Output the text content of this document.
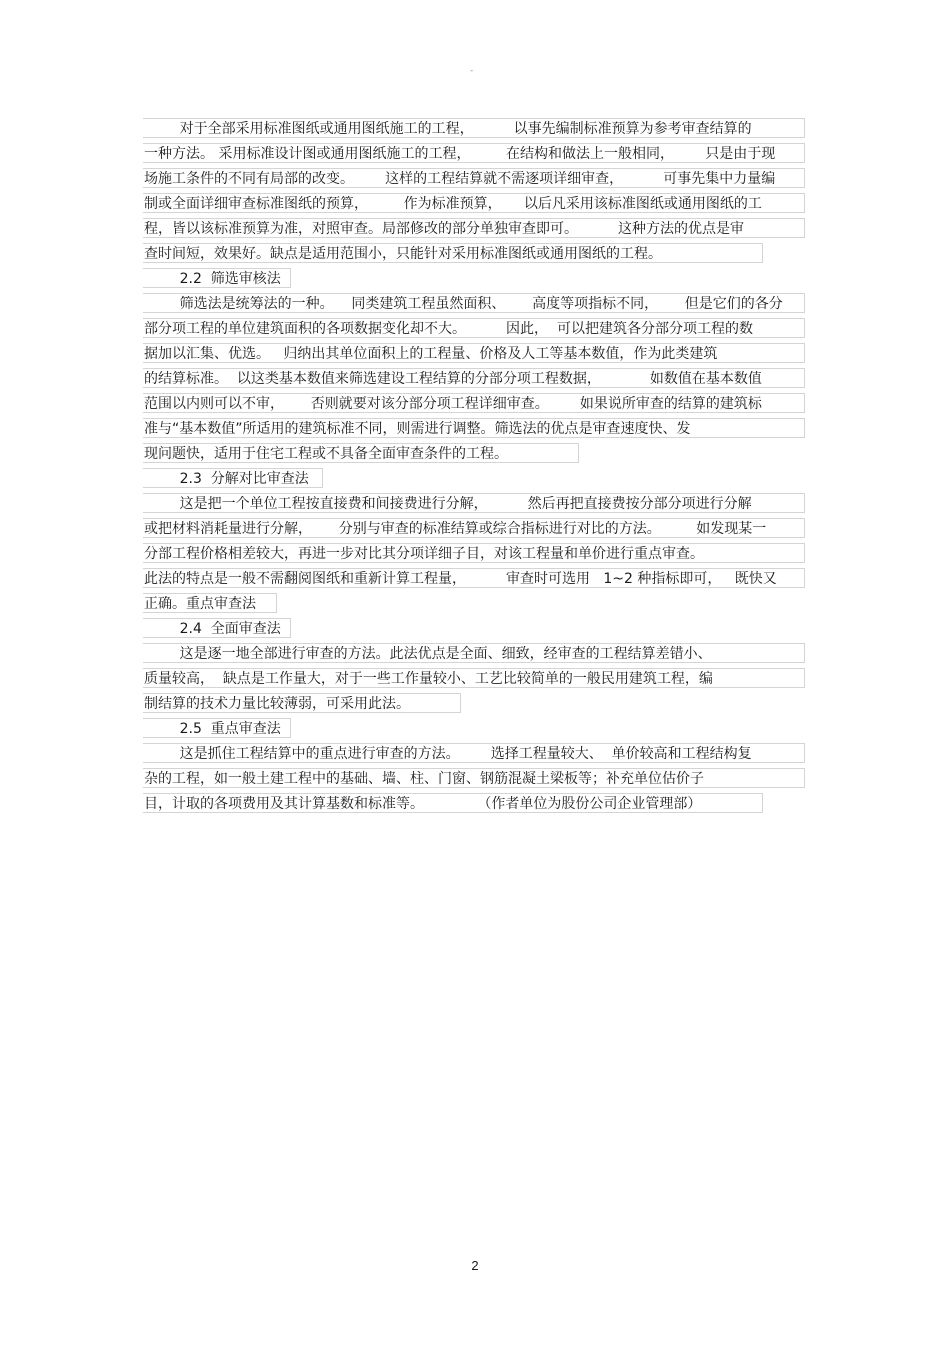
-
对于全部采用标准图纸或通用图纸施工的工程，         以事先编制标准预算为参考审查结算的
一种方法。 采用标准设计图或通用图纸施工的工程，        在结构和做法上一般相同，       只是由于现
场施工条件的不同有局部的改变。       这样的工程结算就不需逐项详细审查，         可事先集中力量编
制或全面详细审查标准图纸的预算，        作为标准预算，     以后凡采用该标准图纸或通用图纸的工
程，皆以该标准预算为准，对照审查。局部修改的部分单独审查即可。         这种方法的优点是审
查时间短，效果好。缺点是适用范围小，只能针对采用标准图纸或通用图纸的工程。
2.2  筛选审核法
筛选法是统筹法的一种。    同类建筑工程虽然面积、      高度等项指标不同，      但是它们的各分
部分项工程的单位建筑面积的各项数据变化却不大。         因此，  可以把建筑各分部分项工程的数
据加以汇集、优选。   归纳出其单位面积上的工程量、价格及人工等基本数值，作为此类建筑
的结算标准。  以这类基本数值来筛选建设工程结算的分部分项工程数据，           如数值在基本数值
范围以内则可以不审，      否则就要对该分部分项工程详细审查。       如果说所审查的结算的建筑标
准与“基本数值”所适用的建筑标准不同，则需进行调整。筛选法的优点是审查速度快、发
现问题快，适用于住宅工程或不具备全面审查条件的工程。
2.3  分解对比审查法
这是把一个单位工程按直接费和间接费进行分解，         然后再把直接费按分部分项进行分解
或把材料消耗量进行分解，      分别与审查的标准结算或综合指标进行对比的方法。        如发现某一
分部工程价格相差较大，再进一步对比其分项详细子目，对该工程量和单价进行重点审查。
此法的特点是一般不需翻阅图纸和重新计算工程量，         审查时可选用   1~2 种指标即可，   既快又
正确。重点审查法
2.4  全面审查法
这是逐一地全部进行审查的方法。此法优点是全面、细致，经审查的工程结算差错小、
质量较高，  缺点是工作量大，对于一些工作量较小、工艺比较简单的一般民用建筑工程，编
制结算的技术力量比较薄弱，可采用此法。
2.5  重点审查法
这是抓住工程结算中的重点进行审查的方法。       选择工程量较大、  单价较高和工程结构复
杂的工程，如一般土建工程中的基础、墙、柱、门窗、钢筋混凝土梁板等；补充单位估价子
目，计取的各项费用及其计算基数和标准等。            （作者单位为股份公司企业管理部）
2
